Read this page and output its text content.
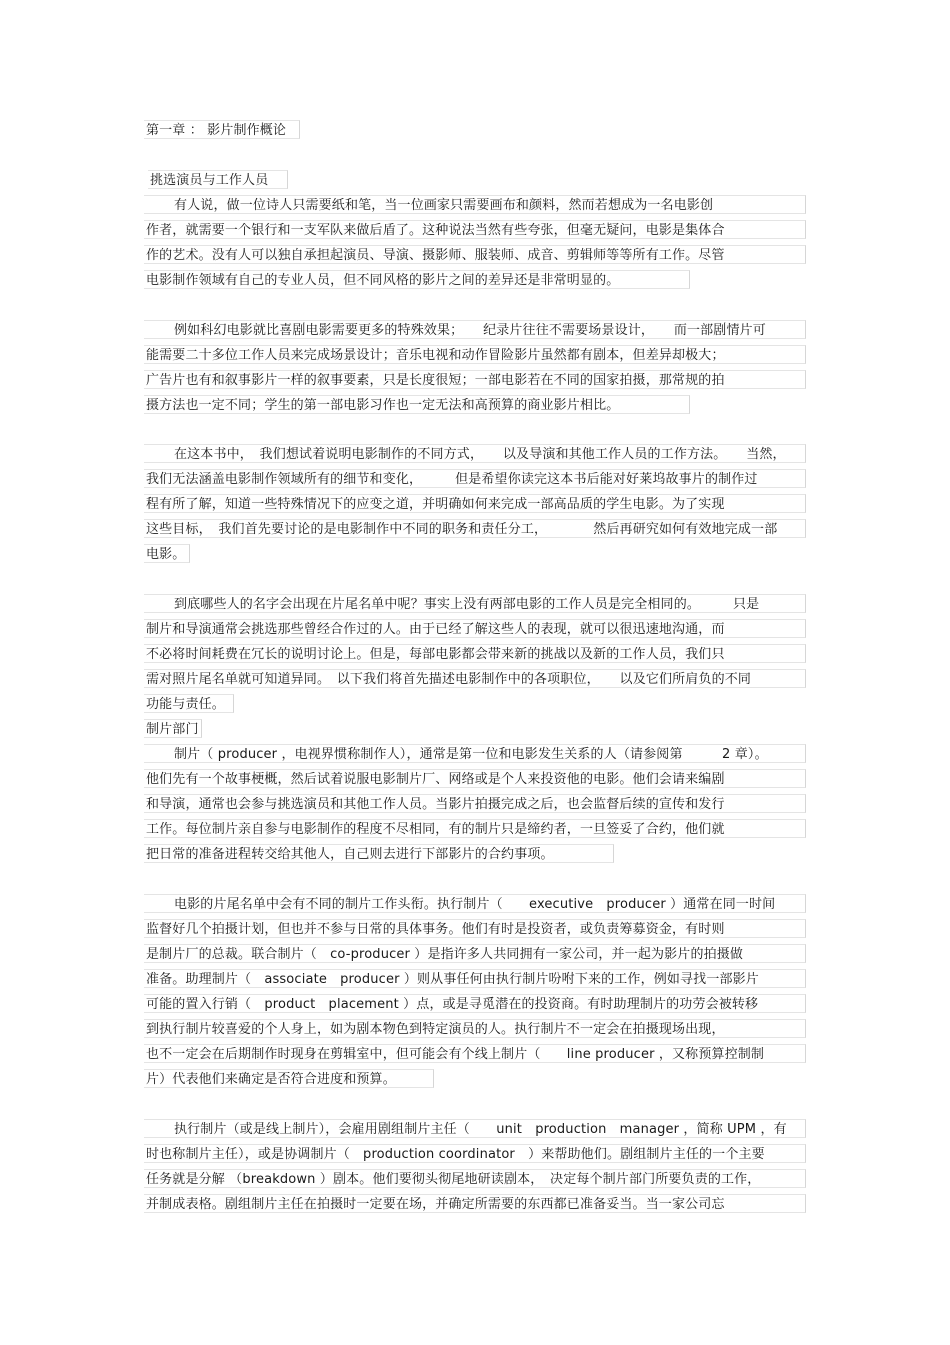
第一章 ： 影片制作概论
挑选演员与工作人员
有人说，做一位诗人只需要纸和笔，当一位画家只需要画布和颜料，然而若想成为一名电影创
作者，就需要一个银行和一支军队来做后盾了。这种说法当然有些夸张，但毫无疑问，电影是集体合
作的艺术。没有人可以独自承担起演员、导演、摄影师、服装师、成音、剪辑师等等所有工作。尽管
电影制作领域有自己的专业人员，但不同风格的影片之间的差异还是非常明显的。
例如科幻电影就比喜剧电影需要更多的特殊效果；　　纪录片往往不需要场景设计，　　而一部剧情片可
能需要二十多位工作人员来完成场景设计；音乐电视和动作冒险影片虽然都有剧本，但差异却极大；
广告片也有和叙事影片一样的叙事要素，只是长度很短；一部电影若在不同的国家拍摄，那常规的拍
摄方法也一定不同；学生的第一部电影习作也一定无法和高预算的商业影片相比。
在这本书中，　我们想试着说明电影制作的不同方式，　　以及导演和其他工作人员的工作方法。　　当然，
我们无法涵盖电影制作领域所有的细节和变化，　　　但是希望你读完这本书后能对好莱坞故事片的制作过
程有所了解，知道一些特殊情况下的应变之道，并明确如何来完成一部高品质的学生电影。为了实现
这些目标，　我们首先要讨论的是电影制作中不同的职务和责任分工，　　　　然后再研究如何有效地完成一部
电影。
到底哪些人的名字会出现在片尾名单中呢？事实上没有两部电影的工作人员是完全相同的。　　　只是
制片和导演通常会挑选那些曾经合作过的人。由于已经了解这些人的表现，就可以很迅速地沟通，而
不必将时间耗费在冗长的说明讨论上。但是，每部电影都会带来新的挑战以及新的工作人员，我们只
需对照片尾名单就可知道异同。　以下我们将首先描述电影制作中的各项职位，　　以及它们所肩负的不同
功能与责任。
制片部门
制片（ producer ，电视界惯称制作人），通常是第一位和电影发生关系的人（请参阅第　　　2 章）。
他们先有一个故事梗概，然后试着说服电影制片厂、网络或是个人来投资他的电影。他们会请来编剧
和导演，通常也会参与挑选演员和其他工作人员。当影片拍摄完成之后，也会监督后续的宣传和发行
工作。每位制片亲自参与电影制作的程度不尽相同，有的制片只是缔约者，一旦签妥了合约，他们就
把日常的准备进程转交给其他人，自己则去进行下部影片的合约事项。
电影的片尾名单中会有不同的制片工作头衔。执行制片（　　executive　producer ）通常在同一时间
监督好几个拍摄计划，但也并不参与日常的具体事务。他们有时是投资者，或负责筹募资金，有时则
是制片厂的总裁。联合制片（　co-producer ）是指许多人共同拥有一家公司，并一起为影片的拍摄做
准备。助理制片（　associate　producer ）则从事任何由执行制片吩咐下来的工作，例如寻找一部影片
可能的置入行销（　product　placement ）点，或是寻觅潜在的投资商。有时助理制片的功劳会被转移
到执行制片较喜爱的个人身上，如为剧本物色到特定演员的人。执行制片不一定会在拍摄现场出现，
也不一定会在后期制作时现身在剪辑室中，但可能会有个线上制片（　　line producer ，又称预算控制制
片）代表他们来确定是否符合进度和预算。
执行制片（或是线上制片），会雇用剧组制片主任（　　unit　production　manager ，简称 UPM ，有
时也称制片主任），或是协调制片（　production coordinator　）来帮助他们。剧组制片主任的一个主要
任务就是分解 （breakdown ）剧本。他们要彻头彻尾地研读剧本，　决定每个制片部门所要负责的工作，
并制成表格。剧组制片主任在拍摄时一定要在场，并确定所需要的东西都已准备妥当。当一家公司忘
